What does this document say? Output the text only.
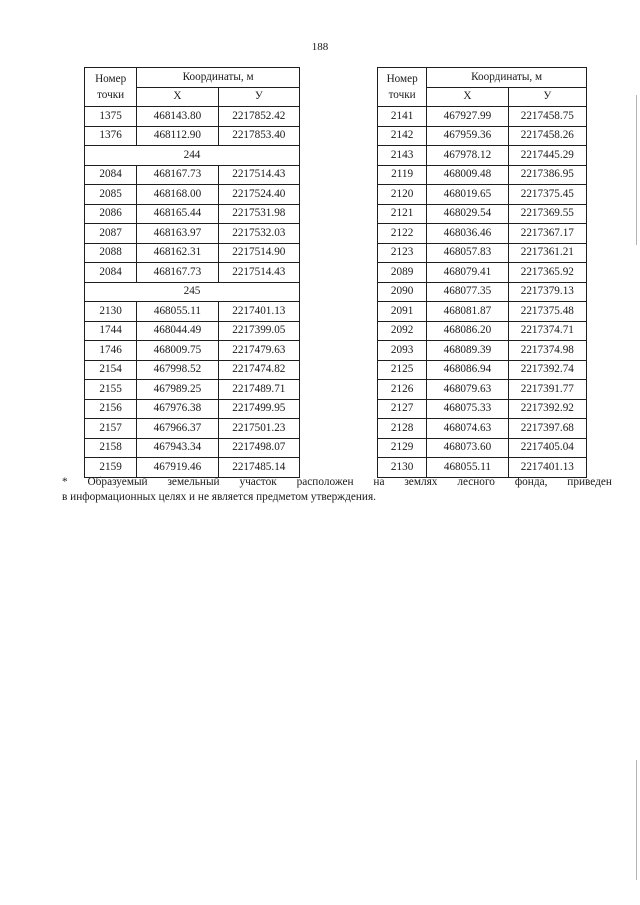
188
Номер
точки	Координаты, м	
	X	У
1375	468143.80	2217852.42
1376	468112.90	2217853.40
244		
2084	468167.73	2217514.43
2085	468168.00	2217524.40
2086	468165.44	2217531.98
2087	468163.97	2217532.03
2088	468162.31	2217514.90
2084	468167.73	2217514.43
245		
2130	468055.11	2217401.13
1744	468044.49	2217399.05
1746	468009.75	2217479.63
2154	467998.52	2217474.82
2155	467989.25	2217489.71
2156	467976.38	2217499.95
2157	467966.37	2217501.23
2158	467943.34	2217498.07
2159	467919.46	2217485.14
Номер
точки	Координаты, м	
	X	У
2141	467927.99	2217458.75
2142	467959.36	2217458.26
2143	467978.12	2217445.29
2119	468009.48	2217386.95
2120	468019.65	2217375.45
2121	468029.54	2217369.55
2122	468036.46	2217367.17
2123	468057.83	2217361.21
2089	468079.41	2217365.92
2090	468077.35	2217379.13
2091	468081.87	2217375.48
2092	468086.20	2217374.71
2093	468089.39	2217374.98
2125	468086.94	2217392.74
2126	468079.63	2217391.77
2127	468075.33	2217392.92
2128	468074.63	2217397.68
2129	468073.60	2217405.04
2130	468055.11	2217401.13
* Образуемый земельный участок расположен на землях лесного фонда, приведен
в информационных целях и не является предметом утверждения.
